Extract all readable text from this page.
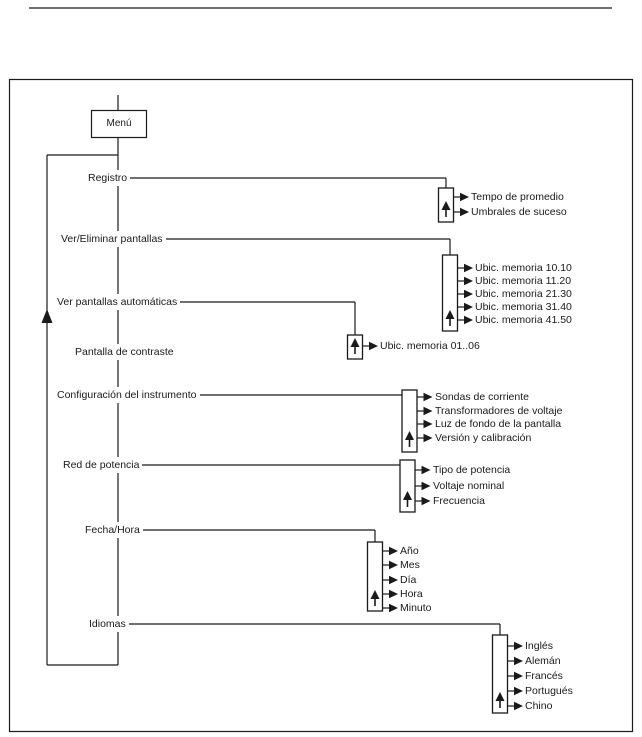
Menú
Registro
Ver/Eliminar pantallas
Ver pantallas automáticas
Pantalla de contraste
Configuración del instrumento
Red de potencia
Fecha/Hora
Idiomas
Tempo de promedio
Umbrales de suceso
Ubic. memoria 10.10
Ubic. memoria 11.20
Ubic. memoria 21.30
Ubic. memoria 31.40
Ubic. memoria 41.50
Ubic. memoria 01..06
Sondas de corriente
Transformadores de voltaje
Luz de fondo de la pantalla
Versión y calibración
Tipo de potencia
Voltaje nominal
Frecuencia
Año
Mes
Día
Hora
Minuto
Inglés
Alemán
Francés
Portugués
Chino
